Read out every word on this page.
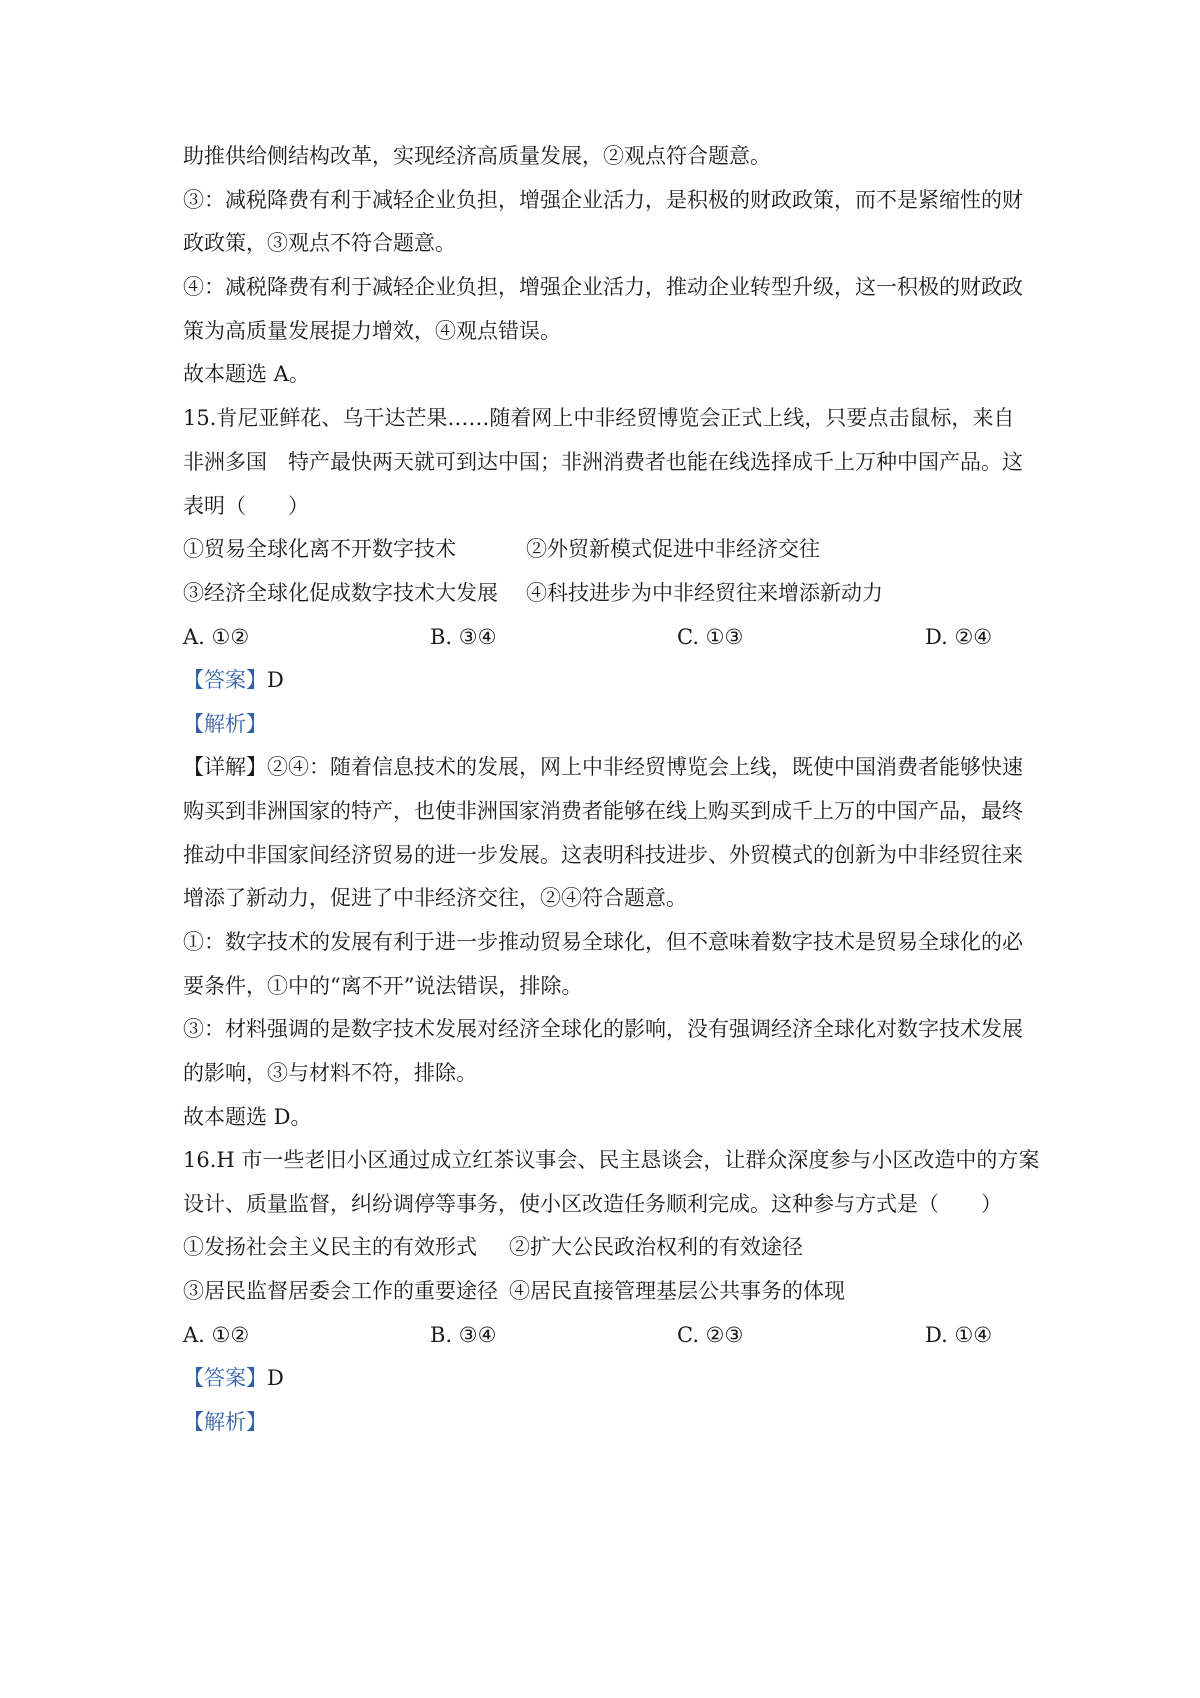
助推供给侧结构改革，实现经济高质量发展，②观点符合题意。
③：减税降费有利于减轻企业负担，增强企业活力，是积极的财政政策，而不是紧缩性的财
政政策，③观点不符合题意。
④：减税降费有利于减轻企业负担，增强企业活力，推动企业转型升级，这一积极的财政政
策为高质量发展提力增效，④观点错误。
故本题选 A。
15.肯尼亚鲜花、乌干达芒果……随着网上中非经贸博览会正式上线，只要点击鼠标，来自
非洲多国　特产最快两天就可到达中国；非洲消费者也能在线选择成千上万种中国产品。这
表明（　　）
①贸易全球化离不开数字技术	②外贸新模式促进中非经济交往
③经济全球化促成数字技术大发展 ④科技进步为中非经贸往来增添新动力
A. ①②	B. ③④	C. ①③	D. ②④
【答案】D
【解析】
【详解】②④：随着信息技术的发展，网上中非经贸博览会上线，既使中国消费者能够快速
购买到非洲国家的特产，也使非洲国家消费者能够在线上购买到成千上万的中国产品，最终
推动中非国家间经济贸易的进一步发展。这表明科技进步、外贸模式的创新为中非经贸往来
增添了新动力，促进了中非经济交往，②④符合题意。
①：数字技术的发展有利于进一步推动贸易全球化，但不意味着数字技术是贸易全球化的必
要条件，①中的“离不开”说法错误，排除。
③：材料强调的是数字技术发展对经济全球化的影响，没有强调经济全球化对数字技术发展
的影响，③与材料不符，排除。
故本题选 D。
16.H 市一些老旧小区通过成立红茶议事会、民主恳谈会，让群众深度参与小区改造中的方案
设计、质量监督，纠纷调停等事务，使小区改造任务顺利完成。这种参与方式是（　　）
①发扬社会主义民主的有效形式 ②扩大公民政治权利的有效途径
③居民监督居委会工作的重要途径 ④居民直接管理基层公共事务的体现
A. ①②	B. ③④	C. ②③	D. ①④
【答案】D
【解析】
